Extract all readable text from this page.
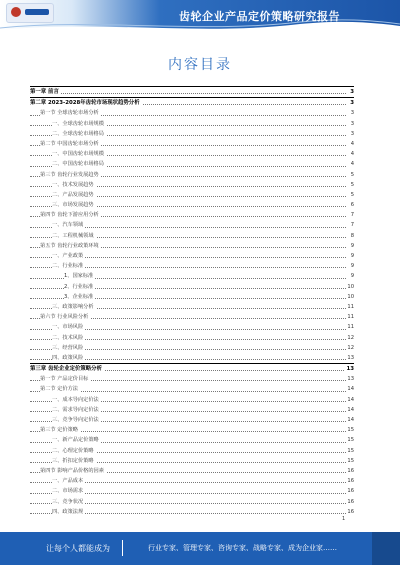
齿轮企业产品定价策略研究报告
内容目录
第一章 前言	3
第二章 2023-2028年齿轮市场现状趋势分析	3
第一节 全球齿轮市场分析	3
一、全球齿轮市场规模	3
二、全球齿轮市场格局	3
第二节 中国齿轮市场分析	4
一、中国齿轮市场规模	4
二、中国齿轮市场格局	4
第三节 齿轮行业发展趋势	5
一、技术发展趋势	5
二、产品发展趋势	5
三、市场发展趋势	6
第四节 齿轮下游应用分析	7
一、汽车领域	7
二、工程机械领域	8
第五节 齿轮行业政策环境	9
一、产业政策	9
二、行业标准	9
1、国家标准	9
2、行业标准	10
3、企业标准	10
三、政策影响分析	11
第六节 行业风险分析	11
一、市场风险	11
二、技术风险	12
三、经营风险	12
四、政策风险	13
第三章 齿轮企业定价策略分析	13
第一节 产品定价目标	13
第二节 定价方法	14
一、成本导向定价法	14
二、需求导向定价法	14
三、竞争导向定价法	14
第三节 定价策略	15
一、新产品定价策略	15
二、心理定价策略	15
三、折扣定价策略	15
第四节 影响产品价格的因素	16
一、产品成本	16
二、市场需求	16
三、竞争状况	16
四、政策法规	16
1
让每个人都能成为	行业专家、管理专家、咨询专家、战略专家、成为企业家……
